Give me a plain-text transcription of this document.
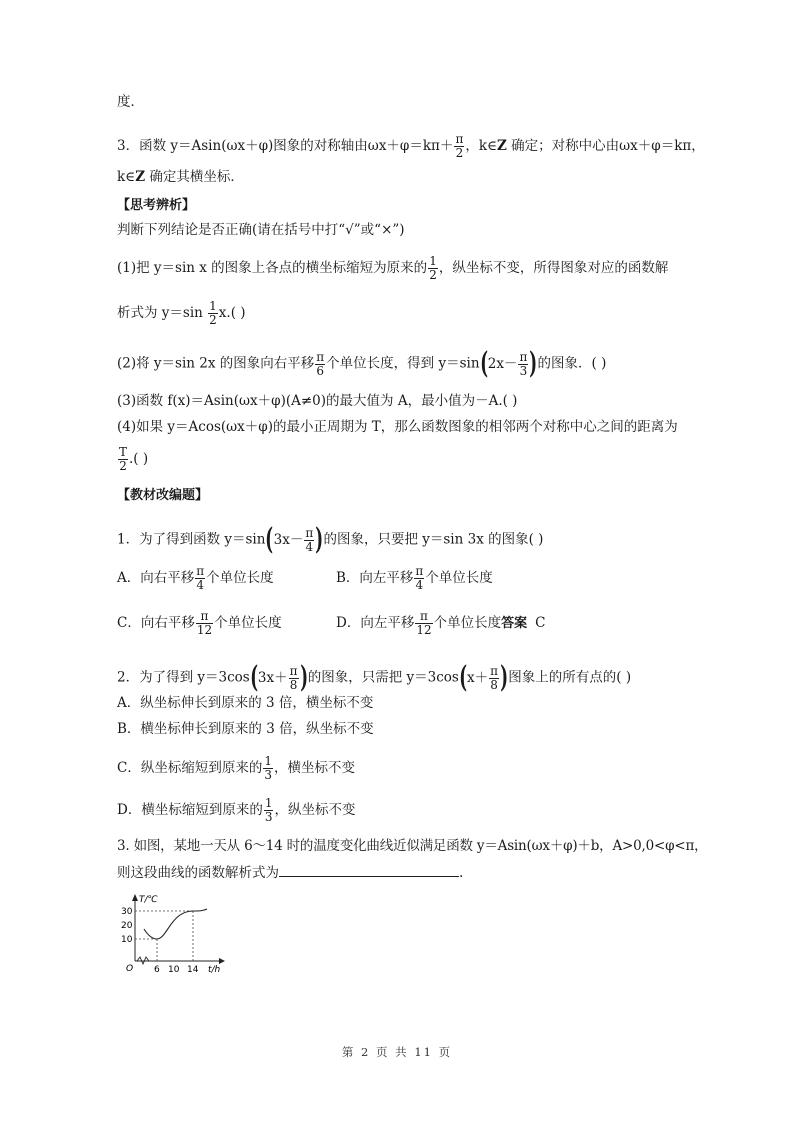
度．
3．函数 y＝Asin(ωx＋φ)图象的对称轴由$\omega x+\varphi=k\pi+ \frac{\pi}{2}$ ，k∈Z 确定；对称中心由ωx＋φ＝kπ，
k∈Z 确定其横坐标．
【思考辨析】
判断下列结论是否正确(请在括号中打“√”或“×”)
(1)把 y＝sin x 的图象上各点的横坐标缩短为原来的 $\frac{1}{2}$ ，纵坐标不变，所得图象对应的函数解
析式为 $y=\sin \frac{1}{2} x$.( )
(2)将 y＝sin 2x 的图象向右平移 $\frac{\pi}{6}$ 个单位长度，得到 y＝sin ( 2x－ π
3 ) 的图象．( )
(3)函数 f(x)＝Asin(ωx＋φ)(A≠0)的最大值为 A，最小值为－A.( )
(4)如果 y＝Acos(ωx＋φ)的最小正周期为 T，那么函数图象的相邻两个对称中心之间的距离为
$\frac{T}{2}$ .( )
【教材改编题】
1．为了得到函数 y＝sin ( 3x－ π
4 ) 的图象，只要把 y＝sin 3x 的图象( )
A．向右平移 $\frac{\pi}{4}$ 个单位长度	B．向左平移 $\frac{\pi}{4}$ 个单位长度
C．向右平移 $\frac{\pi}{12}$ 个单位长度	D．向左平移 $\frac{\pi}{12}$ 个单位长度答案 C
2．为了得到 y＝3cos ( 3x＋ π
8 ) 的图象，只需把 y＝3cos ( x＋ π
8 ) 图象上的所有点的( )
A．纵坐标伸长到原来的 3 倍，横坐标不变
B．横坐标伸长到原来的 3 倍，纵坐标不变
C．纵坐标缩短到原来的 $\frac{1}{3}$ ，横坐标不变
D．横坐标缩短到原来的 $\frac{1}{3}$ ，纵坐标不变
3. 如图，某地一天从 6～14 时的温度变化曲线近似满足函数 y＝Asin(ωx＋φ)＋b，A>0,0<φ<π，
则这段曲线的函数解析式为	.
30
20
10
6 10 14
O
T/℃
t/h
第 2 页 共 11 页
